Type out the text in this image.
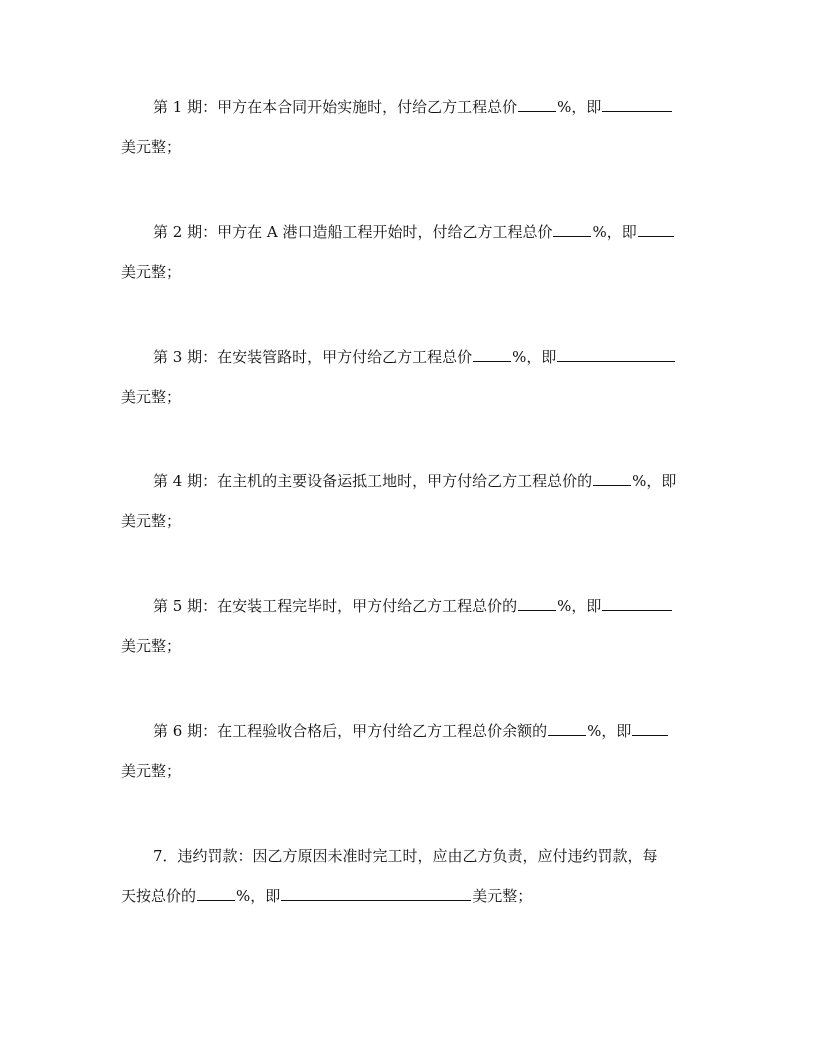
第 1 期：甲方在本合同开始实施时，付给乙方工程总价	%，即
美元整；
第 2 期：甲方在 A 港口造船工程开始时，付给乙方工程总价	%，即
美元整；
第 3 期：在安装管路时，甲方付给乙方工程总价	%，即
美元整；
第 4 期：在主机的主要设备运抵工地时，甲方付给乙方工程总价的	%，即
美元整；
第 5 期：在安装工程完毕时，甲方付给乙方工程总价的	%，即
美元整；
第 6 期：在工程验收合格后，甲方付给乙方工程总价余额的	%，即
美元整；
7．违约罚款：因乙方原因未准时完工时，应由乙方负责，应付违约罚款，每
天按总价的	%，即	美元整；
